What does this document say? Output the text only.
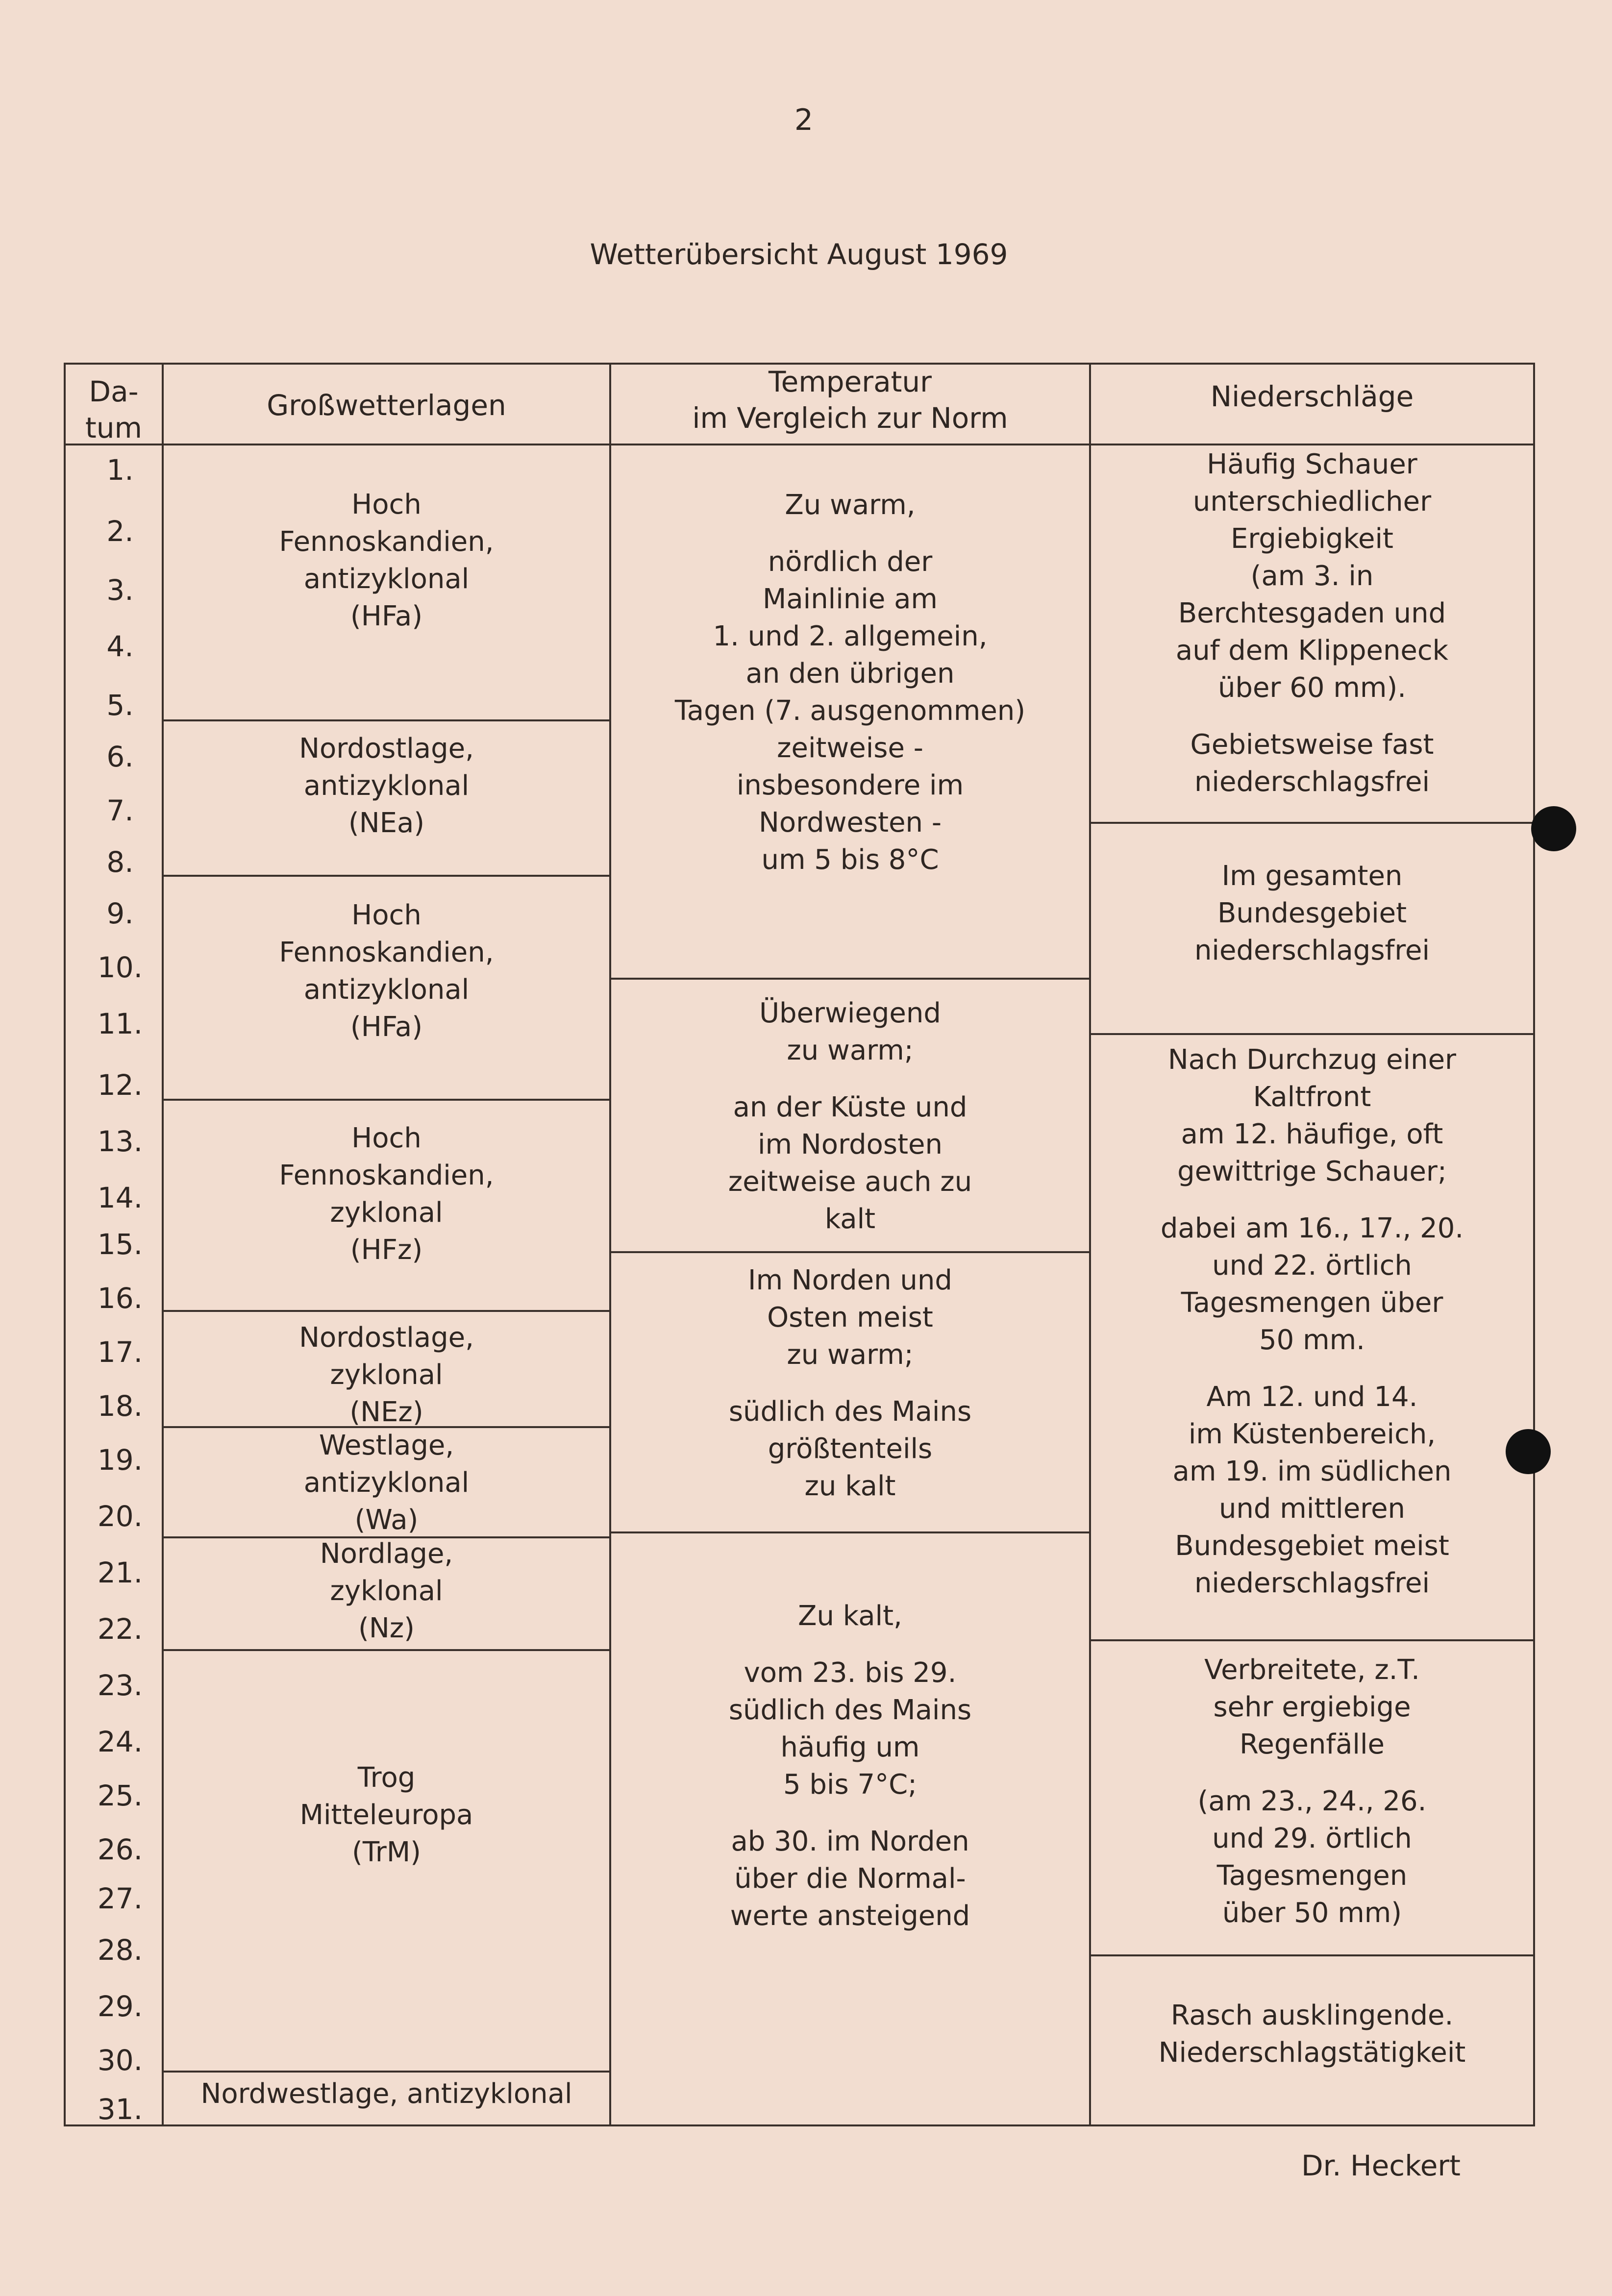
2
Wetterübersicht August 1969
Da-
tum
Großwetterlagen
Temperatur
im Vergleich zur Norm
Niederschläge
1.
2.
3.
4.
5.
6.
7.
8.
9.
10.
11.
12.
13.
14.
15.
16.
17.
18.
19.
20.
21.
22.
23.
24.
25.
26.
27.
28.
29.
30.
31.
Hoch
Fennoskandien,
antizyklonal
(HFa)
Nordostlage,
antizyklonal
(NEa)
Hoch
Fennoskandien,
antizyklonal
(HFa)
Hoch
Fennoskandien,
zyklonal
(HFz)
Nordostlage,
zyklonal
(NEz)
Westlage,
antizyklonal
(Wa)
Nordlage,
zyklonal
(Nz)
Trog
Mitteleuropa
(TrM)
Nordwestlage, antizyklonal
Zu warm,
nördlich der
Mainlinie am
1. und 2. allgemein,
an den übrigen
Tagen (7. ausgenommen)
zeitweise -
insbesondere im
Nordwesten -
um 5 bis 8°C
Überwiegend
zu warm;
an der Küste und
im Nordosten
zeitweise auch zu
kalt
Im Norden und
Osten meist
zu warm;
südlich des Mains
größtenteils
zu kalt
Zu kalt,
vom 23. bis 29.
südlich des Mains
häufig um
5 bis 7°C;
ab 30. im Norden
über die Normal-
werte ansteigend
Häufig Schauer
unterschiedlicher
Ergiebigkeit
(am 3. in
Berchtesgaden und
auf dem Klippeneck
über 60 mm).
Gebietsweise fast
niederschlagsfrei
Im gesamten
Bundesgebiet
niederschlagsfrei
Nach Durchzug einer
Kaltfront
am 12. häufige, oft
gewittrige Schauer;
dabei am 16., 17., 20.
und 22. örtlich
Tagesmengen über
50 mm.
Am 12. und 14.
im Küstenbereich,
am 19. im südlichen
und mittleren
Bundesgebiet meist
niederschlagsfrei
Verbreitete, z.T.
sehr ergiebige
Regenfälle
(am 23., 24., 26.
und 29. örtlich
Tagesmengen
über 50 mm)
Rasch ausklingende.
Niederschlagstätigkeit
Dr. Heckert
